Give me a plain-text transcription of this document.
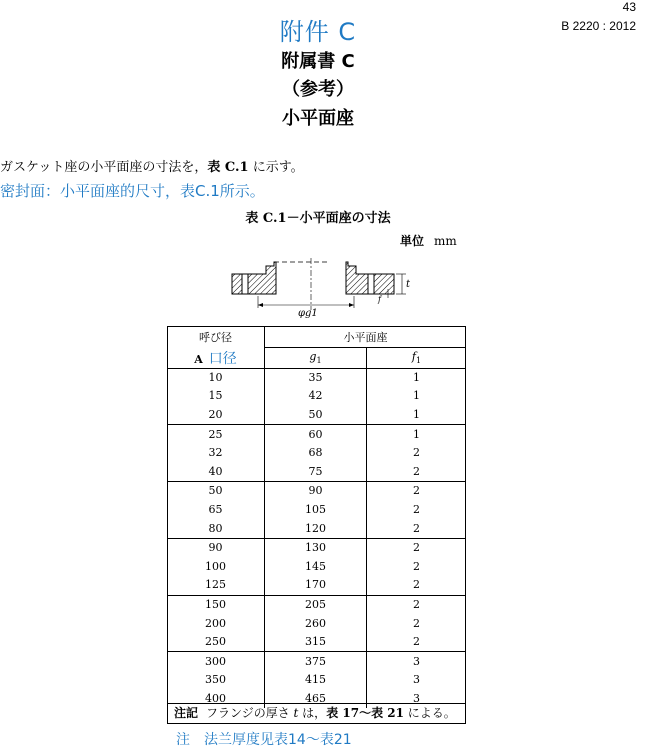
43
B 2220 : 2012
附件 C
附属書 C
（参考）
小平面座
ガスケット座の小平面座の寸法を，表 C.1 に示す。
密封面：小平面座的尺寸，表C.1所示。
表 C.1－小平面座の寸法
単位 mm
φg1
t
f
呼び径	小平面座	
A 口径	$g_1$	$f_1$
10	35	1
15	42	1
20	50	1
25	60	1
32	68	2
40	75	2
50	90	2
65	105	2
80	120	2
90	130	2
100	145	2
125	170	2
150	205	2
200	260	2
250	315	2
300	375	3
350	415	3
400	465	3
注記 フランジの厚さ t は，表 17～表 21 による。
注　法兰厚度见表14～表21
